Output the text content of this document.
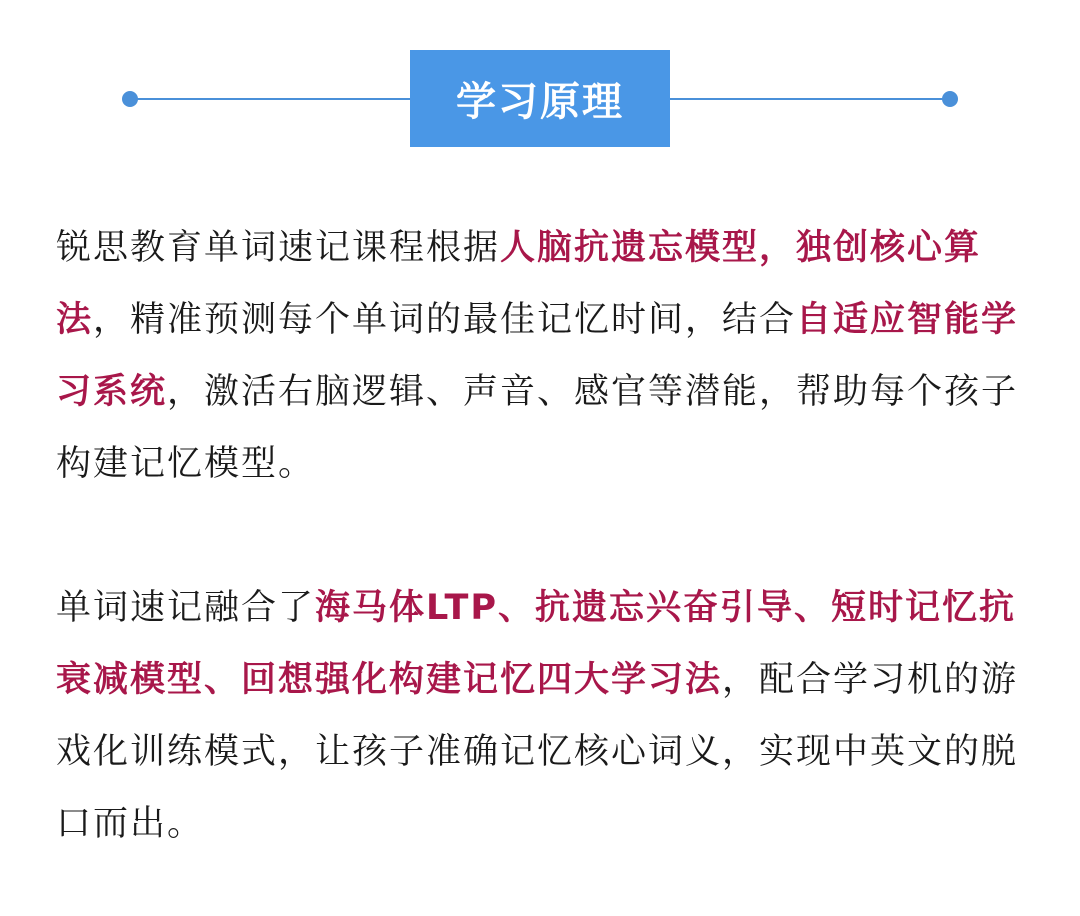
学习原理

锐思教育单词速记课程根据人脑抗遗忘模型，独创核心算法，精准预测每个单词的最佳记忆时间，结合自适应智能学习系统，激活右脑逻辑、声音、感官等潜能，帮助每个孩子构建记忆模型。

单词速记融合了海马体LTP、抗遗忘兴奋引导、短时记忆抗衰减模型、回想强化构建记忆四大学习法，配合学习机的游戏化训练模式，让孩子准确记忆核心词义，实现中英文的脱口而出。
